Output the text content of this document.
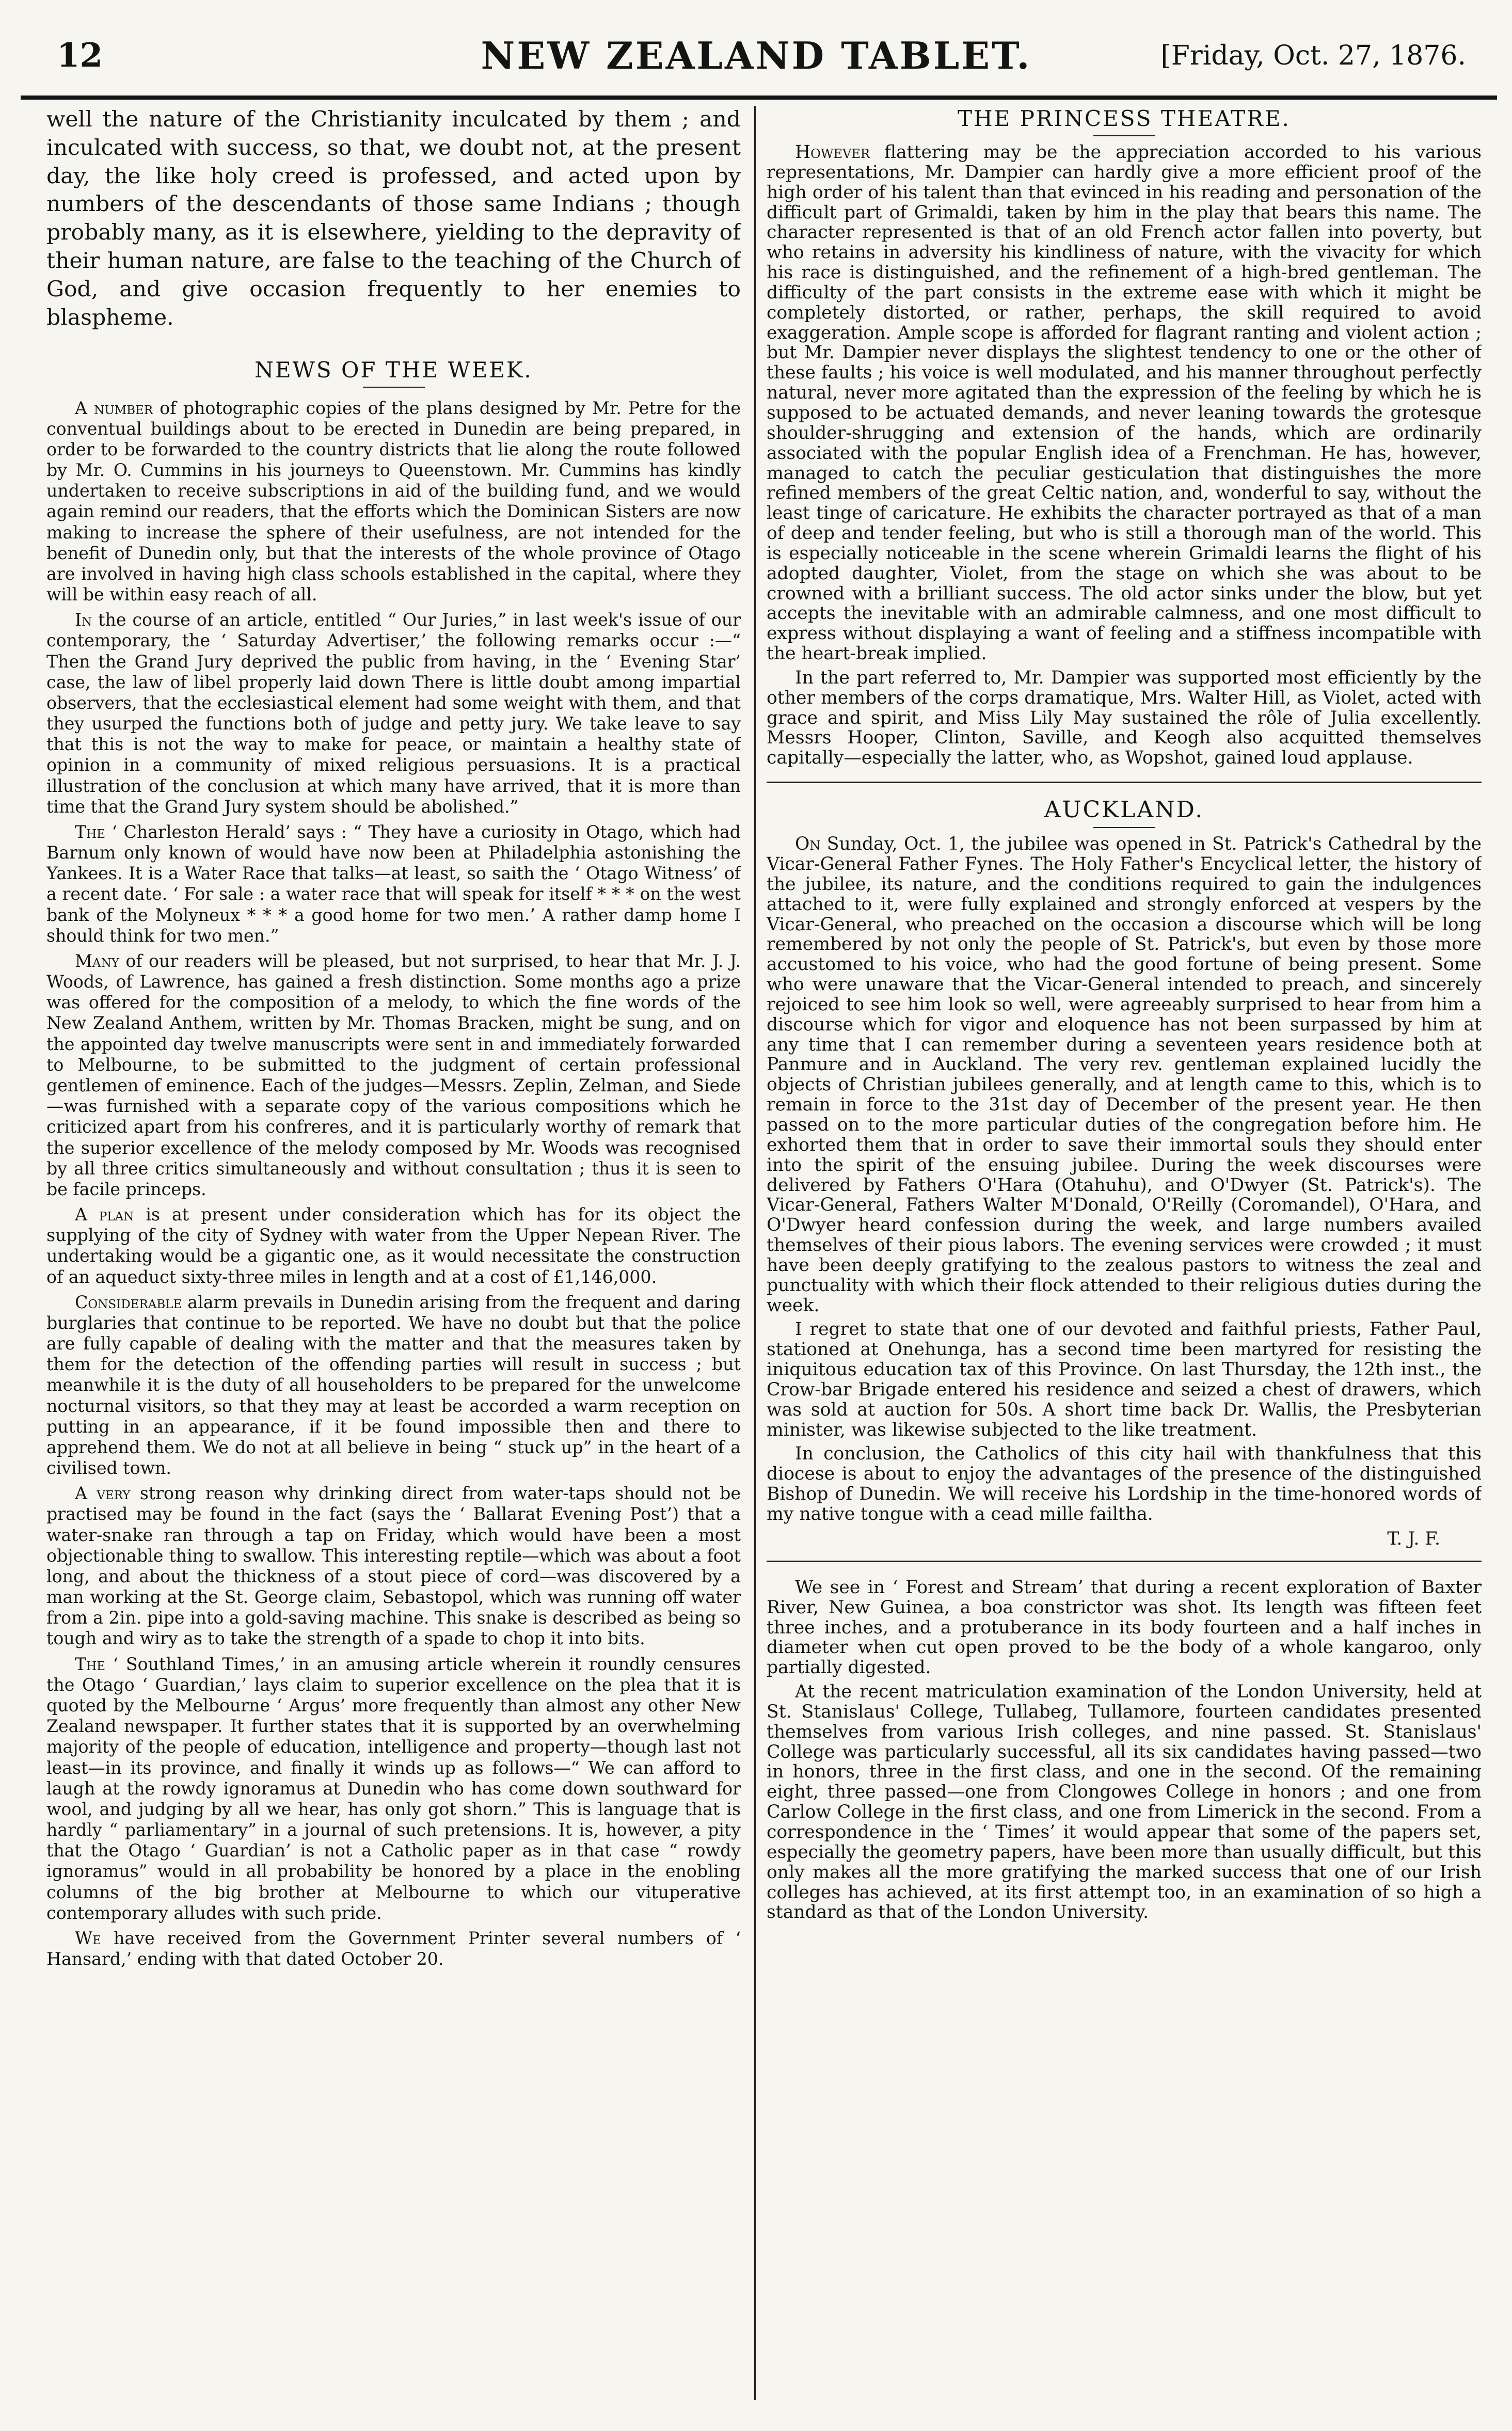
12	NEW ZEALAND TABLET.	[Friday, Oct. 27, 1876.

well the nature of the Christianity inculcated by them ; and inculcated with success, so that, we doubt not, at the present day, the like holy creed is professed, and acted upon by numbers of the descendants of those same Indians ; though probably many, as it is elsewhere, yielding to the depravity of their human nature, are false to the teaching of the Church of God, and give occasion frequently to her enemies to blaspheme.

NEWS OF THE WEEK.

A number of photographic copies of the plans designed by Mr. Petre for the conventual buildings about to be erected in Dunedin are being prepared, in order to be forwarded to the country districts that lie along the route followed by Mr. O. Cummins in his journeys to Queenstown. Mr. Cummins has kindly undertaken to receive subscriptions in aid of the building fund, and we would again remind our readers, that the efforts which the Dominican Sisters are now making to increase the sphere of their usefulness, are not intended for the benefit of Dunedin only, but that the interests of the whole province of Otago are involved in having high class schools established in the capital, where they will be within easy reach of all.

In the course of an article, entitled “ Our Juries,” in last week's issue of our contemporary, the ‘ Saturday Advertiser,’ the following remarks occur :—“ Then the Grand Jury deprived the public from having, in the ‘ Evening Star’ case, the law of libel properly laid down There is little doubt among impartial observers, that the ecclesiastical element had some weight with them, and that they usurped the functions both of judge and petty jury. We take leave to say that this is not the way to make for peace, or maintain a healthy state of opinion in a community of mixed religious persuasions. It is a practical illustration of the conclusion at which many have arrived, that it is more than time that the Grand Jury system should be abolished.”

The ‘ Charleston Herald’ says : “ They have a curiosity in Otago, which had Barnum only known of would have now been at Philadelphia astonishing the Yankees. It is a Water Race that talks—at least, so saith the ‘ Otago Witness’ of a recent date. ‘ For sale : a water race that will speak for itself * * * on the west bank of the Molyneux * * * a good home for two men.’ A rather damp home I should think for two men.”

Many of our readers will be pleased, but not surprised, to hear that Mr. J. J. Woods, of Lawrence, has gained a fresh distinction. Some months ago a prize was offered for the composition of a melody, to which the fine words of the New Zealand Anthem, written by Mr. Thomas Bracken, might be sung, and on the appointed day twelve manuscripts were sent in and immediately forwarded to Melbourne, to be submitted to the judgment of certain professional gentlemen of eminence. Each of the judges—Messrs. Zeplin, Zelman, and Siede—was furnished with a separate copy of the various compositions which he criticized apart from his confreres, and it is particularly worthy of remark that the superior excellence of the melody composed by Mr. Woods was recognised by all three critics simultaneously and without consultation ; thus it is seen to be facile princeps.

A plan is at present under consideration which has for its object the supplying of the city of Sydney with water from the Upper Nepean River. The undertaking would be a gigantic one, as it would necessitate the construction of an aqueduct sixty-three miles in length and at a cost of £1,146,000.

Considerable alarm prevails in Dunedin arising from the frequent and daring burglaries that continue to be reported. We have no doubt but that the police are fully capable of dealing with the matter and that the measures taken by them for the detection of the offending parties will result in success ; but meanwhile it is the duty of all householders to be prepared for the unwelcome nocturnal visitors, so that they may at least be accorded a warm reception on putting in an appearance, if it be found impossible then and there to apprehend them. We do not at all believe in being “ stuck up” in the heart of a civilised town.

A very strong reason why drinking direct from water-taps should not be practised may be found in the fact (says the ‘ Ballarat Evening Post’) that a water-snake ran through a tap on Friday, which would have been a most objectionable thing to swallow. This interesting reptile—which was about a foot long, and about the thickness of a stout piece of cord—was discovered by a man working at the St. George claim, Sebastopol, which was running off water from a 2in. pipe into a gold-saving machine. This snake is described as being so tough and wiry as to take the strength of a spade to chop it into bits.

The ‘ Southland Times,’ in an amusing article wherein it roundly censures the Otago ‘ Guardian,’ lays claim to superior excellence on the plea that it is quoted by the Melbourne ‘ Argus’ more frequently than almost any other New Zealand newspaper. It further states that it is supported by an overwhelming majority of the people of education, intelligence and property—though last not least—in its province, and finally it winds up as follows—“ We can afford to laugh at the rowdy ignoramus at Dunedin who has come down southward for wool, and judging by all we hear, has only got shorn.” This is language that is hardly “ parliamentary” in a journal of such pretensions. It is, however, a pity that the Otago ‘ Guardian’ is not a Catholic paper as in that case “ rowdy ignoramus” would in all probability be honored by a place in the enobling columns of the big brother at Melbourne to which our vituperative contemporary alludes with such pride.

We have received from the Government Printer several numbers of ‘ Hansard,’ ending with that dated October 20.

THE PRINCESS THEATRE.

However flattering may be the appreciation accorded to his various representations, Mr. Dampier can hardly give a more efficient proof of the high order of his talent than that evinced in his reading and personation of the difficult part of Grimaldi, taken by him in the play that bears this name. The character represented is that of an old French actor fallen into poverty, but who retains in adversity his kindliness of nature, with the vivacity for which his race is distinguished, and the refinement of a high-bred gentleman. The difficulty of the part consists in the extreme ease with which it might be completely distorted, or rather, perhaps, the skill required to avoid exaggeration. Ample scope is afforded for flagrant ranting and violent action ; but Mr. Dampier never displays the slightest tendency to one or the other of these faults ; his voice is well modulated, and his manner throughout perfectly natural, never more agitated than the expression of the feeling by which he is supposed to be actuated demands, and never leaning towards the grotesque shoulder-shrugging and extension of the hands, which are ordinarily associated with the popular English idea of a Frenchman. He has, however, managed to catch the peculiar gesticulation that distinguishes the more refined members of the great Celtic nation, and, wonderful to say, without the least tinge of caricature. He exhibits the character portrayed as that of a man of deep and tender feeling, but who is still a thorough man of the world. This is especially noticeable in the scene wherein Grimaldi learns the flight of his adopted daughter, Violet, from the stage on which she was about to be crowned with a brilliant success. The old actor sinks under the blow, but yet accepts the inevitable with an admirable calmness, and one most difficult to express without displaying a want of feeling and a stiffness incompatible with the heart-break implied.

In the part referred to, Mr. Dampier was supported most efficiently by the other members of the corps dramatique, Mrs. Walter Hill, as Violet, acted with grace and spirit, and Miss Lily May sustained the rôle of Julia excellently. Messrs Hooper, Clinton, Saville, and Keogh also acquitted themselves capitally—especially the latter, who, as Wopshot, gained loud applause.

AUCKLAND.

On Sunday, Oct. 1, the jubilee was opened in St. Patrick's Cathedral by the Vicar-General Father Fynes. The Holy Father's Encyclical letter, the history of the jubilee, its nature, and the conditions required to gain the indulgences attached to it, were fully explained and strongly enforced at vespers by the Vicar-General, who preached on the occasion a discourse which will be long remembered by not only the people of St. Patrick's, but even by those more accustomed to his voice, who had the good fortune of being present. Some who were unaware that the Vicar-General intended to preach, and sincerely rejoiced to see him look so well, were agreeably surprised to hear from him a discourse which for vigor and eloquence has not been surpassed by him at any time that I can remember during a seventeen years residence both at Panmure and in Auckland. The very rev. gentleman explained lucidly the objects of Christian jubilees generally, and at length came to this, which is to remain in force to the 31st day of December of the present year. He then passed on to the more particular duties of the congregation before him. He exhorted them that in order to save their immortal souls they should enter into the spirit of the ensuing jubilee. During the week discourses were delivered by Fathers O'Hara (Otahuhu), and O'Dwyer (St. Patrick's). The Vicar-General, Fathers Walter M'Donald, O'Reilly (Coromandel), O'Hara, and O'Dwyer heard confession during the week, and large numbers availed themselves of their pious labors. The evening services were crowded ; it must have been deeply gratifying to the zealous pastors to witness the zeal and punctuality with which their flock attended to their religious duties during the week.

I regret to state that one of our devoted and faithful priests, Father Paul, stationed at Onehunga, has a second time been martyred for resisting the iniquitous education tax of this Province. On last Thursday, the 12th inst., the Crow-bar Brigade entered his residence and seized a chest of drawers, which was sold at auction for 50s. A short time back Dr. Wallis, the Presbyterian minister, was likewise subjected to the like treatment.

In conclusion, the Catholics of this city hail with thankfulness that this diocese is about to enjoy the advantages of the presence of the distinguished Bishop of Dunedin. We will receive his Lordship in the time-honored words of my native tongue with a cead mille failtha.

T. J. F.

We see in ‘ Forest and Stream’ that during a recent exploration of Baxter River, New Guinea, a boa constrictor was shot. Its length was fifteen feet three inches, and a protuberance in its body fourteen and a half inches in diameter when cut open proved to be the body of a whole kangaroo, only partially digested.

At the recent matriculation examination of the London University, held at St. Stanislaus' College, Tullabeg, Tullamore, fourteen candidates presented themselves from various Irish colleges, and nine passed. St. Stanislaus' College was particularly successful, all its six candidates having passed—two in honors, three in the first class, and one in the second. Of the remaining eight, three passed—one from Clongowes College in honors ; and one from Carlow College in the first class, and one from Limerick in the second. From a correspondence in the ‘ Times’ it would appear that some of the papers set, especially the geometry papers, have been more than usually difficult, but this only makes all the more gratifying the marked success that one of our Irish colleges has achieved, at its first attempt too, in an examination of so high a standard as that of the London University.
